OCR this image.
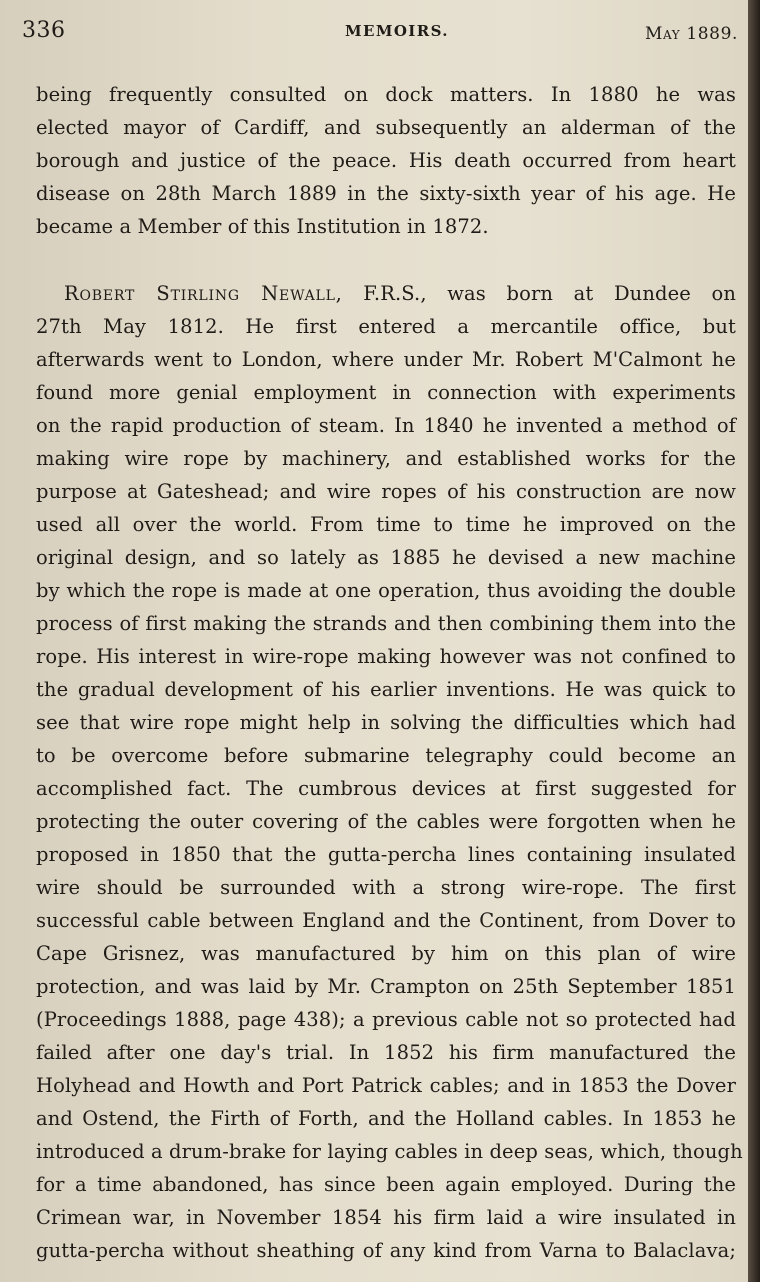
336	MEMOIRS.	May 1889.
being frequently consulted on dock matters. In 1880 he was
elected mayor of Cardiff, and subsequently an alderman of the
borough and justice of the peace. His death occurred from heart
disease on 28th March 1889 in the sixty-sixth year of his age. He
became a Member of this Institution in 1872.
Robert Stirling Newall, F.R.S., was born at Dundee on
27th May 1812. He first entered a mercantile office, but
afterwards went to London, where under Mr. Robert M'Calmont he
found more genial employment in connection with experiments
on the rapid production of steam. In 1840 he invented a method of
making wire rope by machinery, and established works for the
purpose at Gateshead; and wire ropes of his construction are now
used all over the world. From time to time he improved on the
original design, and so lately as 1885 he devised a new machine
by which the rope is made at one operation, thus avoiding the double
process of first making the strands and then combining them into the
rope. His interest in wire-rope making however was not confined to
the gradual development of his earlier inventions. He was quick to
see that wire rope might help in solving the difficulties which had
to be overcome before submarine telegraphy could become an
accomplished fact. The cumbrous devices at first suggested for
protecting the outer covering of the cables were forgotten when he
proposed in 1850 that the gutta-percha lines containing insulated
wire should be surrounded with a strong wire-rope. The first
successful cable between England and the Continent, from Dover to
Cape Grisnez, was manufactured by him on this plan of wire
protection, and was laid by Mr. Crampton on 25th September 1851
(Proceedings 1888, page 438); a previous cable not so protected had
failed after one day's trial. In 1852 his firm manufactured the
Holyhead and Howth and Port Patrick cables; and in 1853 the Dover
and Ostend, the Firth of Forth, and the Holland cables. In 1853 he
introduced a drum-brake for laying cables in deep seas, which, though
for a time abandoned, has since been again employed. During the
Crimean war, in November 1854 his firm laid a wire insulated in
gutta-percha without sheathing of any kind from Varna to Balaclava;
